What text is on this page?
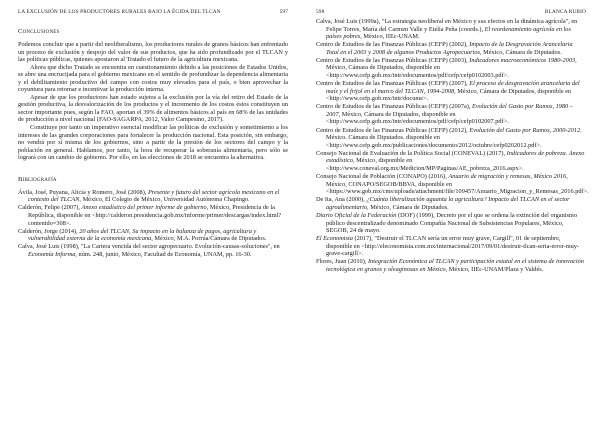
LA EXCLUSIÓN DE LOS PRODUCTORES RURALES BAJO LA ÉGIDA DEL TLCAN	597
Conclusiones

Podemos concluir que a partir del neoliberalismo, los productores rurales de granos básicos han enfrentado un proceso de exclusión y despojo del valor de sus productos, que ha sido profundizado por el TLCAN y las políticas públicas, quienes apostaron al Tratado el futuro de la agricultura mexicana.

Ahora que dicho Tratado se encuentra en cuestionamiento debido a las posiciones de Estados Unidos, se abre una encrucijada para el gobierno mexicano en el sentido de profundizar la dependencia alimentaria y el debilitamiento productivo del campo con costos muy elevados para el país, o bien aprovechar la coyuntura para retomar e incentivar la producción interna.

Apesar de que los productores han estado sujetos a la exclusión por la vía del retiro del Estado de la gestión productiva, la desvalorización de los productos y el incremento de los costos éstos constituyen un sector importante pues, según la FAO, aportan el 39% de alimentos básicos al país en 68% de las unidades de producción a nivel nacional (FAO-SAGARPA, 2012, Valor Campesino, 2017).

Constituye por tanto un imperativo esencial modificar las políticas de exclusión y sometimiento a los intereses de las grandes corporaciones para fortalecer la producción nacional. Esta posición, sin embargo, no vendrá por sí misma de los gobiernos, sino a partir de la presión de los sectores del campo y la población en general. Hablamos, por tanto, la hora de recuperar la soberanía alimentaria, pero sólo se logrará con un cambio de gobierno. Por ello, en las elecciones de 2018 se encuentra la alternativa.

Bibliografía

Ávila, José, Puyana, Alicia y Romero, José (2008), Presente y futuro del sector agrícola mexicano en el contexto del TLCAN, México, El Colegio de México, Universidad Autónoma Chapingo.

Calderón, Felipe (2007), Anexo estadístico del primer informe de gobierno, México, Presidencia de la República, disponible en <http://calderon.presidencia.gob.mx/informe/primer/descargas/index.html?contenido=308>.

Calderón, Jorge (2014), 20 años del TLCAN, Su impacto en la balanza de pagos, agricultura y vulnerabilidad externa de la economía mexicana, México, M.A. Porrúa/Cámara de Diputados.

Calva, José Luis (1998), "La Cartera vencida del sector agropecuario. Evolución-causas-soluciones", en Economía Informa, núm. 248, junio, México, Facultad de Economía, UNAM, pp. 16-30.

598	BLANCA RUBIO

Calva, José Luis (1999a), "La estrategia neoliberal en México y sus efectos en la dinámica agrícola", en Felipe Torres, María del Carmen Valle y Etelia Peña (coords.), El reordenamiento agrícola en los países pobres, México, IIEc-UNAM.

Centro de Estudios de las Finanzas Públicas (CEFP) (2002), Impacto de la Desgravación Arancelaria Total en el 2003 y 2008 de algunos Productos Agropecuarios, México, Cámara de Diputados.

Centro de Estudios de las Finanzas Públicas (CEFP) (2003), Indicadores macroeconómicos 1980-2003, México, Cámara de Diputados, disponible en <http://www.cefp.gob.mx/intr/edocumentos/pdf/cefp/cefp0102003.pdf>.

Centro de Estudios de las Finanzas Públicas (CEFP) (2007), El proceso de desgravación arancelaria del maíz y el frijol en el marco del TLCAN, 1994-2008, México, Cámara de Diputados, disponible en <http://www.cefp.gob.mx/intr/docume>.

Centro de Estudios de las Finanzas Públicas (CEFP) (2007a), Evolución del Gasto por Ramos, 1980 – 2007, México, Cámara de Diputados, disponible en <http://www.cefp.gob.mx/intr/edocumentos/pdf/cefp/cefp0102007.pdf>.

Centro de Estudios de las Finanzas Públicas (CEFP) (2012), Evolución del Gasto por Ramos, 2000-2012. México. Cámara de Diputados. disponible en <http://www.cefp.gob.mx/publicaciones/documento/2012/octubre/cefp0202012.pdf>.

Consejo Nacional de Evaluación de la Política Social (CONEVAL) (2017), Indicadores de pobreza. Anexo estadístico, México, disponible en <http://www.coneval.org.mx/Medicion/MP/Paginas/AE_pobreza_2016.aspx>.

Consejo Nacional de Población (CONAPO) (2016), Anuario de migración y remesas, México 2016, México, CONAPO/SEGOB/BBVA, disponible en <https://www.gob.mx/cms/uploads/attachment/file/109457/Anuario_Migracion_y_Remesas_2016.pdf>.

De Ita, Ana (2000), ¿Cuánta liberalización aguanta la agricultura? Impacto del TLCAN en el sector agroalimentario, México, Cámara de Diputados.

Diario Oficial de la Federación (DOF) (1999), Decreto por el que se ordena la extinción del organismo público descentralizado denominado Compañía Nacional de Subsistencias Populares, México, SEGOB, 24 de mayo.

El Economista (2017), "Destruir el TLCAN sería un error muy grave, Cargill", 01 de septiembre, disponible en <http://eleconomista.com.mx/internacional/2017/09/01/destruir-tlcan-seria-error-muy-grave-cargill>.

Flores, Juan (2010), Integración Económica al TLCAN y participación estatal en el sistema de innovación tecnológica en granos y oleaginosas en México, México, IIEc-UNAM/Plaza y Valdés.
